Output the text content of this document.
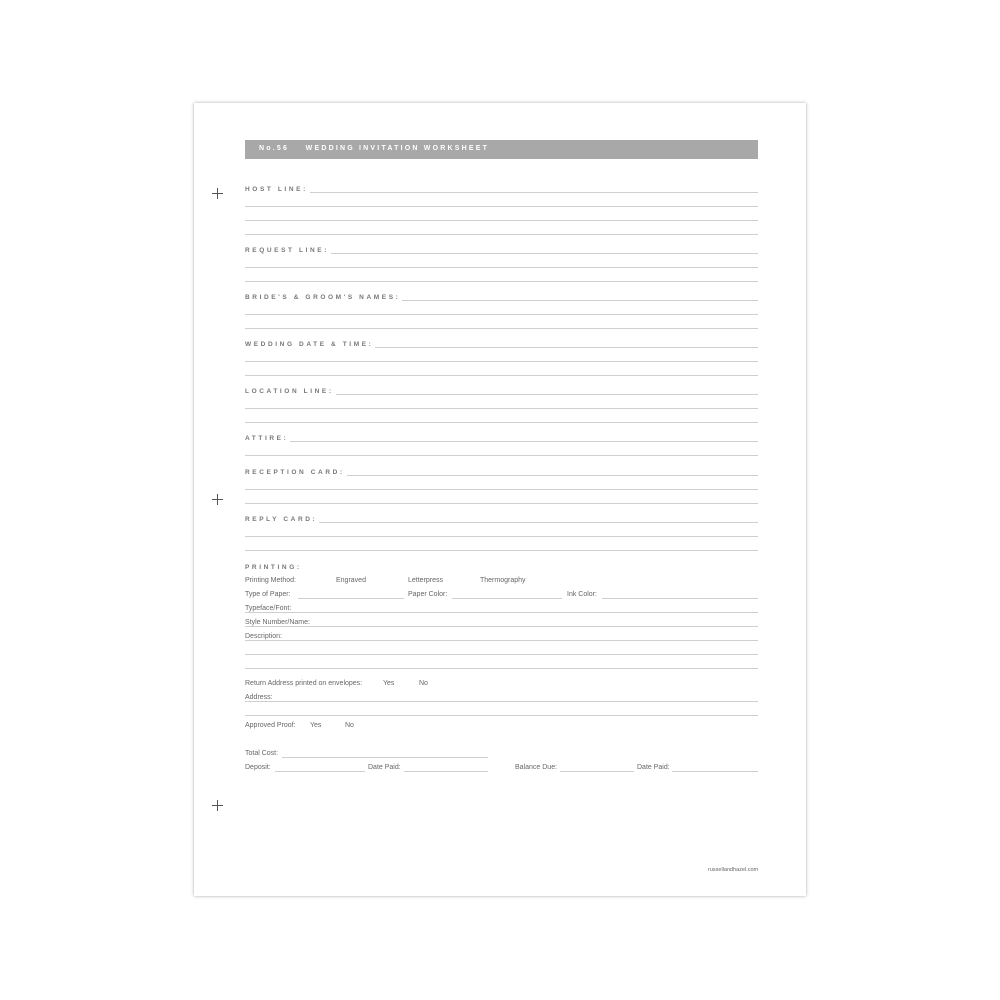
No.56 WEDDING INVITATION WORKSHEET
HOST LINE:
REQUEST LINE:
BRIDE'S & GROOM'S NAMES:
WEDDING DATE & TIME:
LOCATION LINE:
ATTIRE:
RECEPTION CARD:
REPLY CARD:
PRINTING:
Printing Method:	Engraved	Letterpress	Thermography
Type of Paper:	Paper Color:	Ink Color:
Typeface/Font:
Style Number/Name:
Description:
Return Address printed on envelopes:	Yes	No
Address:
Approved Proof: Yes	No
Total Cost:
Deposit:	Date Paid:	Balance Due:	Date Paid:
russellandhazel.com
